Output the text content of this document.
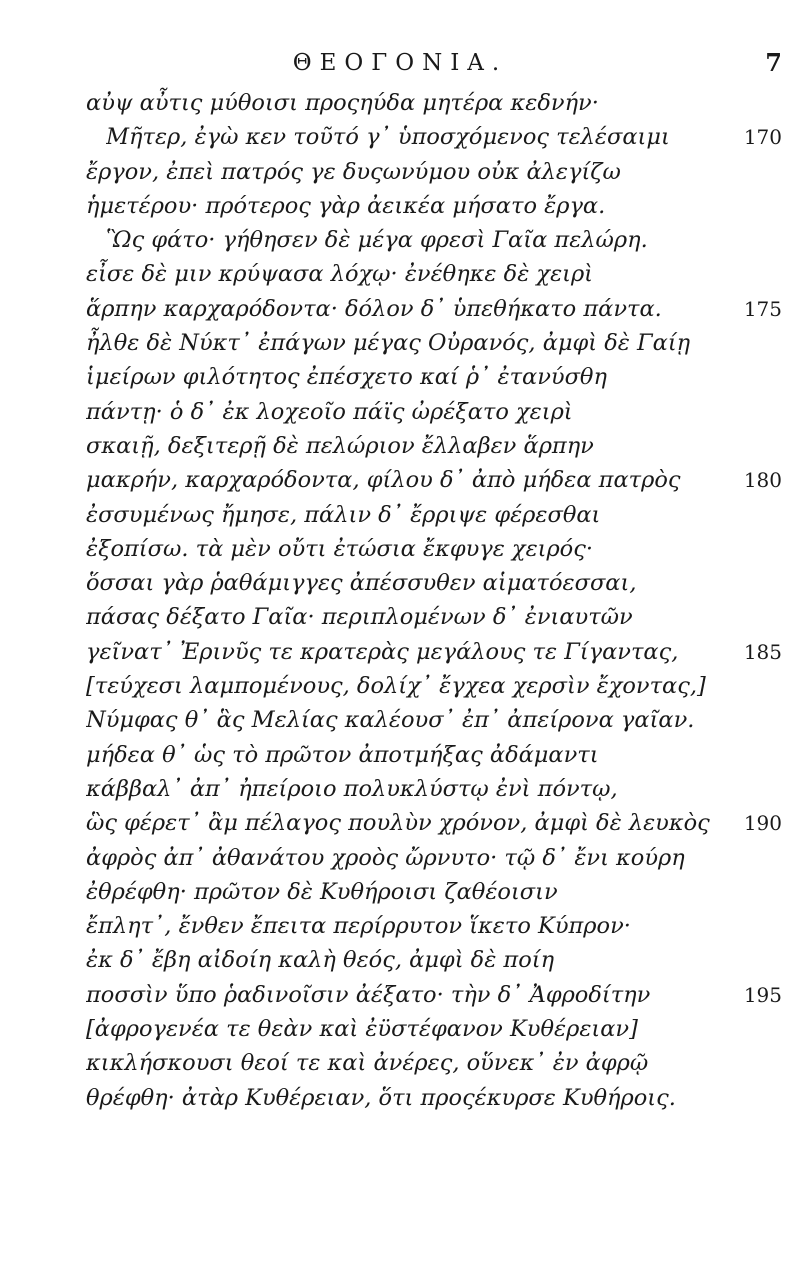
ΘΕΟΓΟΝΙΑ.	7
αὐψ αὖτις μύθοισι προςηύδα μητέρα κεδνήν·
Μῆτερ, ἐγὼ κεν τοῦτό γ᾽ ὑποσχόμενος τελέσαιμι	170
ἔργον, ἐπεὶ πατρός γε δυςωνύμου οὐκ ἀλεγίζω
ἡμετέρου· πρότερος γὰρ ἀεικέα μήσατο ἔργα.
Ὣς φάτο· γήθησεν δὲ μέγα φρεσὶ Γαῖα πελώρη.
εἶσε δὲ μιν κρύψασα λόχῳ· ἐνέθηκε δὲ χειρὶ
ἅρπην καρχαρόδοντα· δόλον δ᾽ ὑπεθήκατο πάντα.	175
ἦλθε δὲ Νύκτ᾽ ἐπάγων μέγας Οὐρανός, ἀμφὶ δὲ Γαίῃ
ἱμείρων φιλότητος ἐπέσχετο καί ῥ᾽ ἐτανύσθη
πάντῃ· ὁ δ᾽ ἐκ λοχεοῖο πάϊς ὠρέξατο χειρὶ
σκαιῇ, δεξιτερῇ δὲ πελώριον ἔλλαβεν ἅρπην
μακρήν, καρχαρόδοντα, φίλου δ᾽ ἀπὸ μήδεα πατρὸς	180
ἐσσυμένως ἤμησε, πάλιν δ᾽ ἔρριψε φέρεσθαι
ἐξοπίσω. τὰ μὲν οὔτι ἐτώσια ἔκφυγε χειρός·
ὅσσαι γὰρ ῥαθάμιγγες ἀπέσσυθεν αἱματόεσσαι,
πάσας δέξατο Γαῖα· περιπλομένων δ᾽ ἐνιαυτῶν
γεῖνατ᾽ Ἐρινῦς τε κρατερὰς μεγάλους τε Γίγαντας,	185
[τεύχεσι λαμπομένους, δολίχ᾽ ἔγχεα χερσὶν ἔχοντας,]
Νύμφας θ᾽ ἃς Μελίας καλέουσ᾽ ἐπ᾽ ἀπείρονα γαῖαν.
μήδεα θ᾽ ὡς τὸ πρῶτον ἀποτμήξας ἀδάμαντι
κάββαλ᾽ ἀπ᾽ ἠπείροιο πολυκλύστῳ ἐνὶ πόντῳ,
ὣς φέρετ᾽ ἂμ πέλαγος πουλὺν χρόνον, ἀμφὶ δὲ λευκὸς	190
ἀφρὸς ἀπ᾽ ἀθανάτου χροὸς ὤρνυτο· τῷ δ᾽ ἔνι κούρη
ἐθρέφθη· πρῶτον δὲ Κυθήροισι ζαθέοισιν
ἔπλητ᾽, ἔνθεν ἔπειτα περίρρυτον ἵκετο Κύπρον·
ἐκ δ᾽ ἔβη αἰδοίη καλὴ θεός, ἀμφὶ δὲ ποίη
ποσσὶν ὕπο ῥαδινοῖσιν ἀέξατο· τὴν δ᾽ Ἀφροδίτην	195
[ἀφρογενέα τε θεὰν καὶ ἐϋστέφανον Κυθέρειαν]
κικλήσκουσι θεοί τε καὶ ἀνέρες, οὕνεκ᾽ ἐν ἀφρῷ
θρέφθη· ἀτὰρ Κυθέρειαν, ὅτι προςέκυρσε Κυθήροις.
